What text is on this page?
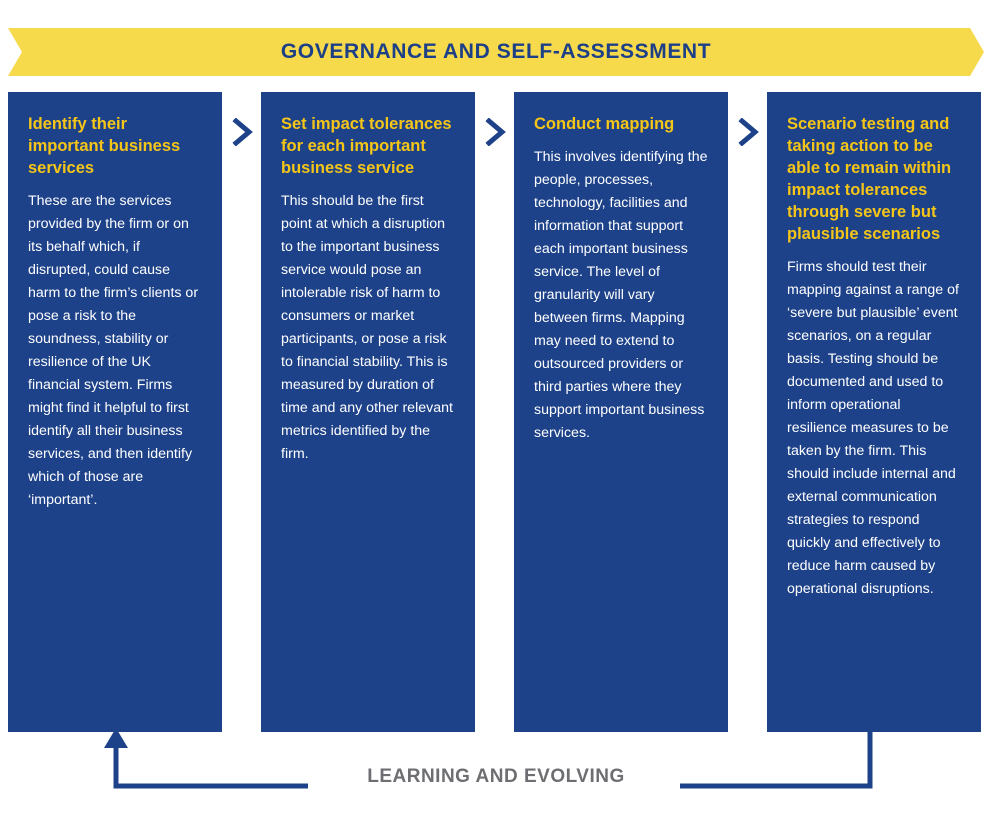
GOVERNANCE AND SELF-ASSESSMENT

Identify their important business services

These are the services provided by the firm or on its behalf which, if disrupted, could cause harm to the firm’s clients or pose a risk to the soundness, stability or resilience of the UK financial system. Firms might find it helpful to first identify all their business services, and then identify which of those are ‘important’.

Set impact tolerances for each important business service

This should be the first point at which a disruption to the important business service would pose an intolerable risk of harm to consumers or market participants, or pose a risk to financial stability. This is measured by duration of time and any other relevant metrics identified by the firm.

Conduct mapping

This involves identifying the people, processes, technology, facilities and information that support each important business service. The level of granularity will vary between firms. Mapping may need to extend to outsourced providers or third parties where they support important business services.

Scenario testing and taking action to be able to remain within impact tolerances through severe but plausible scenarios

Firms should test their mapping against a range of ‘severe but plausible’ event scenarios, on a regular basis. Testing should be documented and used to inform operational resilience measures to be taken by the firm. This should include internal and external communication strategies to respond quickly and effectively to reduce harm caused by operational disruptions.

LEARNING AND EVOLVING
